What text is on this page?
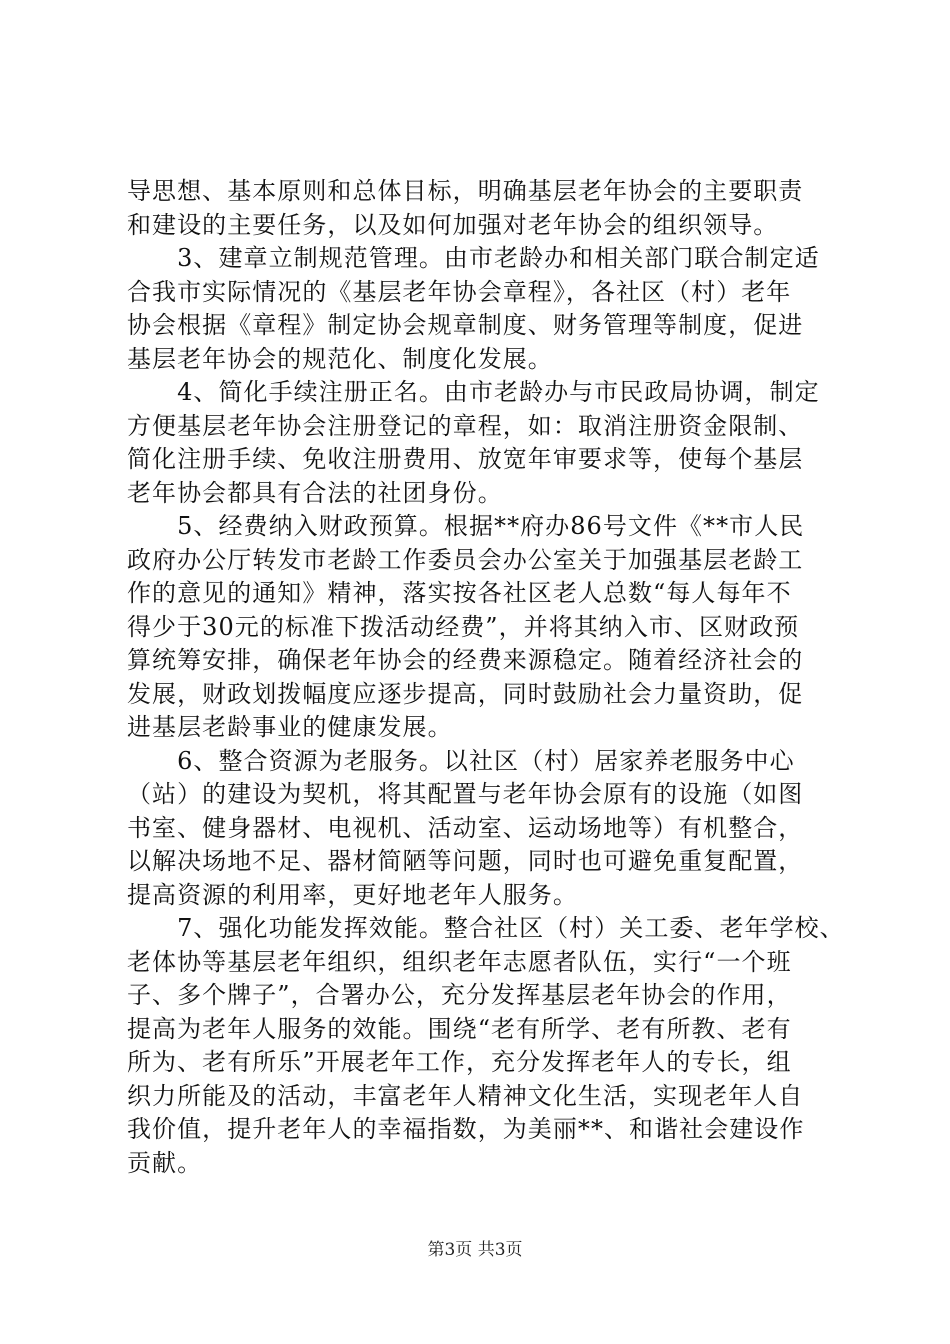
导思想、基本原则和总体目标，明确基层老年协会的主要职责
和建设的主要任务，以及如何加强对老年协会的组织领导。
　　3、建章立制规范管理。由市老龄办和相关部门联合制定适
合我市实际情况的《基层老年协会章程》，各社区（村）老年
协会根据《章程》制定协会规章制度、财务管理等制度，促进
基层老年协会的规范化、制度化发展。
　　4、简化手续注册正名。由市老龄办与市民政局协调，制定
方便基层老年协会注册登记的章程，如：取消注册资金限制、
简化注册手续、免收注册费用、放宽年审要求等，使每个基层
老年协会都具有合法的社团身份。
　　5、经费纳入财政预算。根据**府办86号文件《**市人民
政府办公厅转发市老龄工作委员会办公室关于加强基层老龄工
作的意见的通知》精神，落实按各社区老人总数“每人每年不
得少于30元的标准下拨活动经费”，并将其纳入市、区财政预
算统筹安排，确保老年协会的经费来源稳定。随着经济社会的
发展，财政划拨幅度应逐步提高，同时鼓励社会力量资助，促
进基层老龄事业的健康发展。
　　6、整合资源为老服务。以社区（村）居家养老服务中心
（站）的建设为契机，将其配置与老年协会原有的设施（如图
书室、健身器材、电视机、活动室、运动场地等）有机整合，
以解决场地不足、器材简陋等问题，同时也可避免重复配置，
提高资源的利用率，更好地老年人服务。
　　7、强化功能发挥效能。整合社区（村）关工委、老年学校、
老体协等基层老年组织，组织老年志愿者队伍，实行“一个班
子、多个牌子”，合署办公，充分发挥基层老年协会的作用，
提高为老年人服务的效能。围绕“老有所学、老有所教、老有
所为、老有所乐”开展老年工作，充分发挥老年人的专长，组
织力所能及的活动，丰富老年人精神文化生活，实现老年人自
我价值，提升老年人的幸福指数，为美丽**、和谐社会建设作
贡献。
第3页 共3页
